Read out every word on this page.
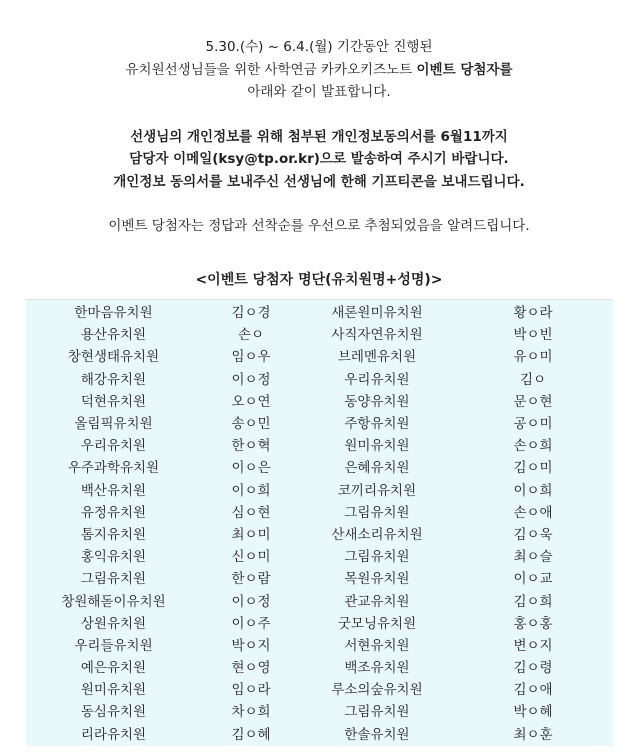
5.30.(수) ~ 6.4.(월) 기간동안 진행된
유치원선생님들을 위한 사학연금 카카오키즈노트 이벤트 당첨자를
아래와 같이 발표합니다.
선생님의 개인정보를 위해 첨부된 개인정보동의서를 6월11까지
담당자 이메일(ksy@tp.or.kr)으로 발송하여 주시기 바랍니다.
개인정보 동의서를 보내주신 선생님에 한해 기프티콘을 보내드립니다.
이벤트 당첨자는 정답과 선착순를 우선으로 추첨되었음을 알려드립니다.
<이벤트 당첨자 명단(유치원명+성명)>
한마음유치원	김ㅇ경	새론원미유치원	황ㅇ라
용산유치원	손ㅇ	사직자연유치원	박ㅇ빈
창현생태유치원	임ㅇ우	브레멘유치원	유ㅇ미
해강유치원	이ㅇ정	우리유치원	김ㅇ
덕현유치원	오ㅇ연	동양유치원	문ㅇ현
올림픽유치원	송ㅇ민	주항유치원	공ㅇ미
우리유치원	한ㅇ혁	원미유치원	손ㅇ희
우주과학유치원	이ㅇ은	은혜유치원	김ㅇ미
백산유치원	이ㅇ희	코끼리유치원	이ㅇ희
유정유치원	심ㅇ현	그림유치원	손ㅇ애
톰지유치원	최ㅇ미	산새소리유치원	김ㅇ욱
홍익유치원	신ㅇ미	그림유치원	최ㅇ슬
그림유치원	한ㅇ람	목원유치원	이ㅇ교
창원해돋이유치원	이ㅇ정	관교유치원	김ㅇ희
상원유치원	이ㅇ주	굿모닝유치원	홍ㅇ홍
우리들유치원	박ㅇ지	서현유치원	변ㅇ지
예은유치원	현ㅇ영	백조유치원	김ㅇ령
원미유치원	임ㅇ라	루소의숲유치원	김ㅇ애
동심유치원	차ㅇ희	그림유치원	박ㅇ혜
리라유치원	김ㅇ혜	한솔유치원	최ㅇ훈
